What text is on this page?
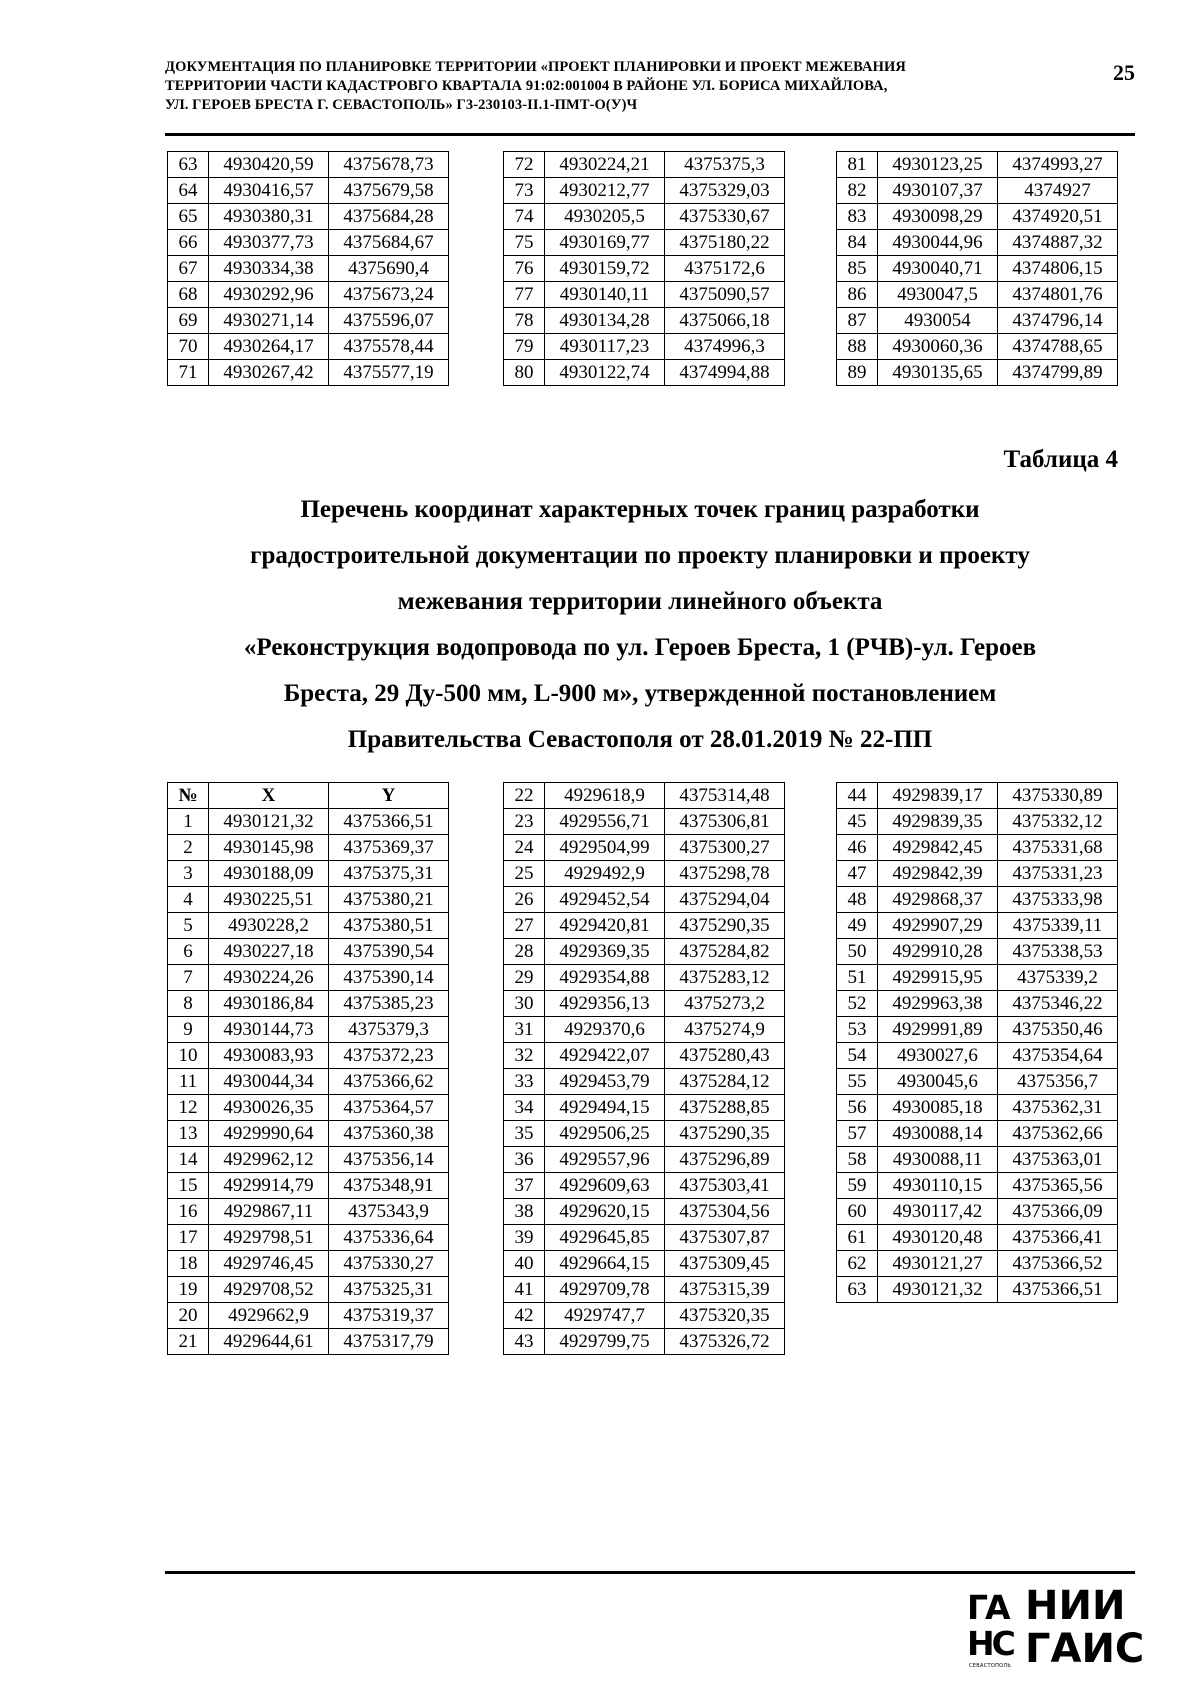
ДОКУМЕНТАЦИЯ ПО ПЛАНИРОВКЕ ТЕРРИТОРИИ «ПРОЕКТ ПЛАНИРОВКИ И ПРОЕКТ МЕЖЕВАНИЯ
ТЕРРИТОРИИ ЧАСТИ КАДАСТРОВГО КВАРТАЛА 91:02:001004 В РАЙОНЕ УЛ. БОРИСА МИХАЙЛОВА,
УЛ. ГЕРОЕВ БРЕСТА Г. СЕВАСТОПОЛЬ» Г3-230103-II.1-ПМТ-О(У)Ч
25
63	4930420,59	4375678,73
64	4930416,57	4375679,58
65	4930380,31	4375684,28
66	4930377,73	4375684,67
67	4930334,38	4375690,4
68	4930292,96	4375673,24
69	4930271,14	4375596,07
70	4930264,17	4375578,44
71	4930267,42	4375577,19
72	4930224,21	4375375,3
73	4930212,77	4375329,03
74	4930205,5	4375330,67
75	4930169,77	4375180,22
76	4930159,72	4375172,6
77	4930140,11	4375090,57
78	4930134,28	4375066,18
79	4930117,23	4374996,3
80	4930122,74	4374994,88
81	4930123,25	4374993,27
82	4930107,37	4374927
83	4930098,29	4374920,51
84	4930044,96	4374887,32
85	4930040,71	4374806,15
86	4930047,5	4374801,76
87	4930054	4374796,14
88	4930060,36	4374788,65
89	4930135,65	4374799,89
Таблица 4
Перечень координат характерных точек границ разработки
градостроительной документации по проекту планировки и проекту
межевания территории линейного объекта
«Реконструкция водопровода по ул. Героев Бреста, 1 (РЧВ)-ул. Героев
Бреста, 29 Ду-500 мм, L-900 м», утвержденной постановлением
Правительства Севастополя от 28.01.2019 № 22-ПП
№	X	Y
1	4930121,32	4375366,51
2	4930145,98	4375369,37
3	4930188,09	4375375,31
4	4930225,51	4375380,21
5	4930228,2	4375380,51
6	4930227,18	4375390,54
7	4930224,26	4375390,14
8	4930186,84	4375385,23
9	4930144,73	4375379,3
10	4930083,93	4375372,23
11	4930044,34	4375366,62
12	4930026,35	4375364,57
13	4929990,64	4375360,38
14	4929962,12	4375356,14
15	4929914,79	4375348,91
16	4929867,11	4375343,9
17	4929798,51	4375336,64
18	4929746,45	4375330,27
19	4929708,52	4375325,31
20	4929662,9	4375319,37
21	4929644,61	4375317,79
22	4929618,9	4375314,48
23	4929556,71	4375306,81
24	4929504,99	4375300,27
25	4929492,9	4375298,78
26	4929452,54	4375294,04
27	4929420,81	4375290,35
28	4929369,35	4375284,82
29	4929354,88	4375283,12
30	4929356,13	4375273,2
31	4929370,6	4375274,9
32	4929422,07	4375280,43
33	4929453,79	4375284,12
34	4929494,15	4375288,85
35	4929506,25	4375290,35
36	4929557,96	4375296,89
37	4929609,63	4375303,41
38	4929620,15	4375304,56
39	4929645,85	4375307,87
40	4929664,15	4375309,45
41	4929709,78	4375315,39
42	4929747,7	4375320,35
43	4929799,75	4375326,72
44	4929839,17	4375330,89
45	4929839,35	4375332,12
46	4929842,45	4375331,68
47	4929842,39	4375331,23
48	4929868,37	4375333,98
49	4929907,29	4375339,11
50	4929910,28	4375338,53
51	4929915,95	4375339,2
52	4929963,38	4375346,22
53	4929991,89	4375350,46
54	4930027,6	4375354,64
55	4930045,6	4375356,7
56	4930085,18	4375362,31
57	4930088,14	4375362,66
58	4930088,11	4375363,01
59	4930110,15	4375365,56
60	4930117,42	4375366,09
61	4930120,48	4375366,41
62	4930121,27	4375366,52
63	4930121,32	4375366,51
ГА
НС
СЕВАСТОПОЛЬ
НИИ
ГАИС
